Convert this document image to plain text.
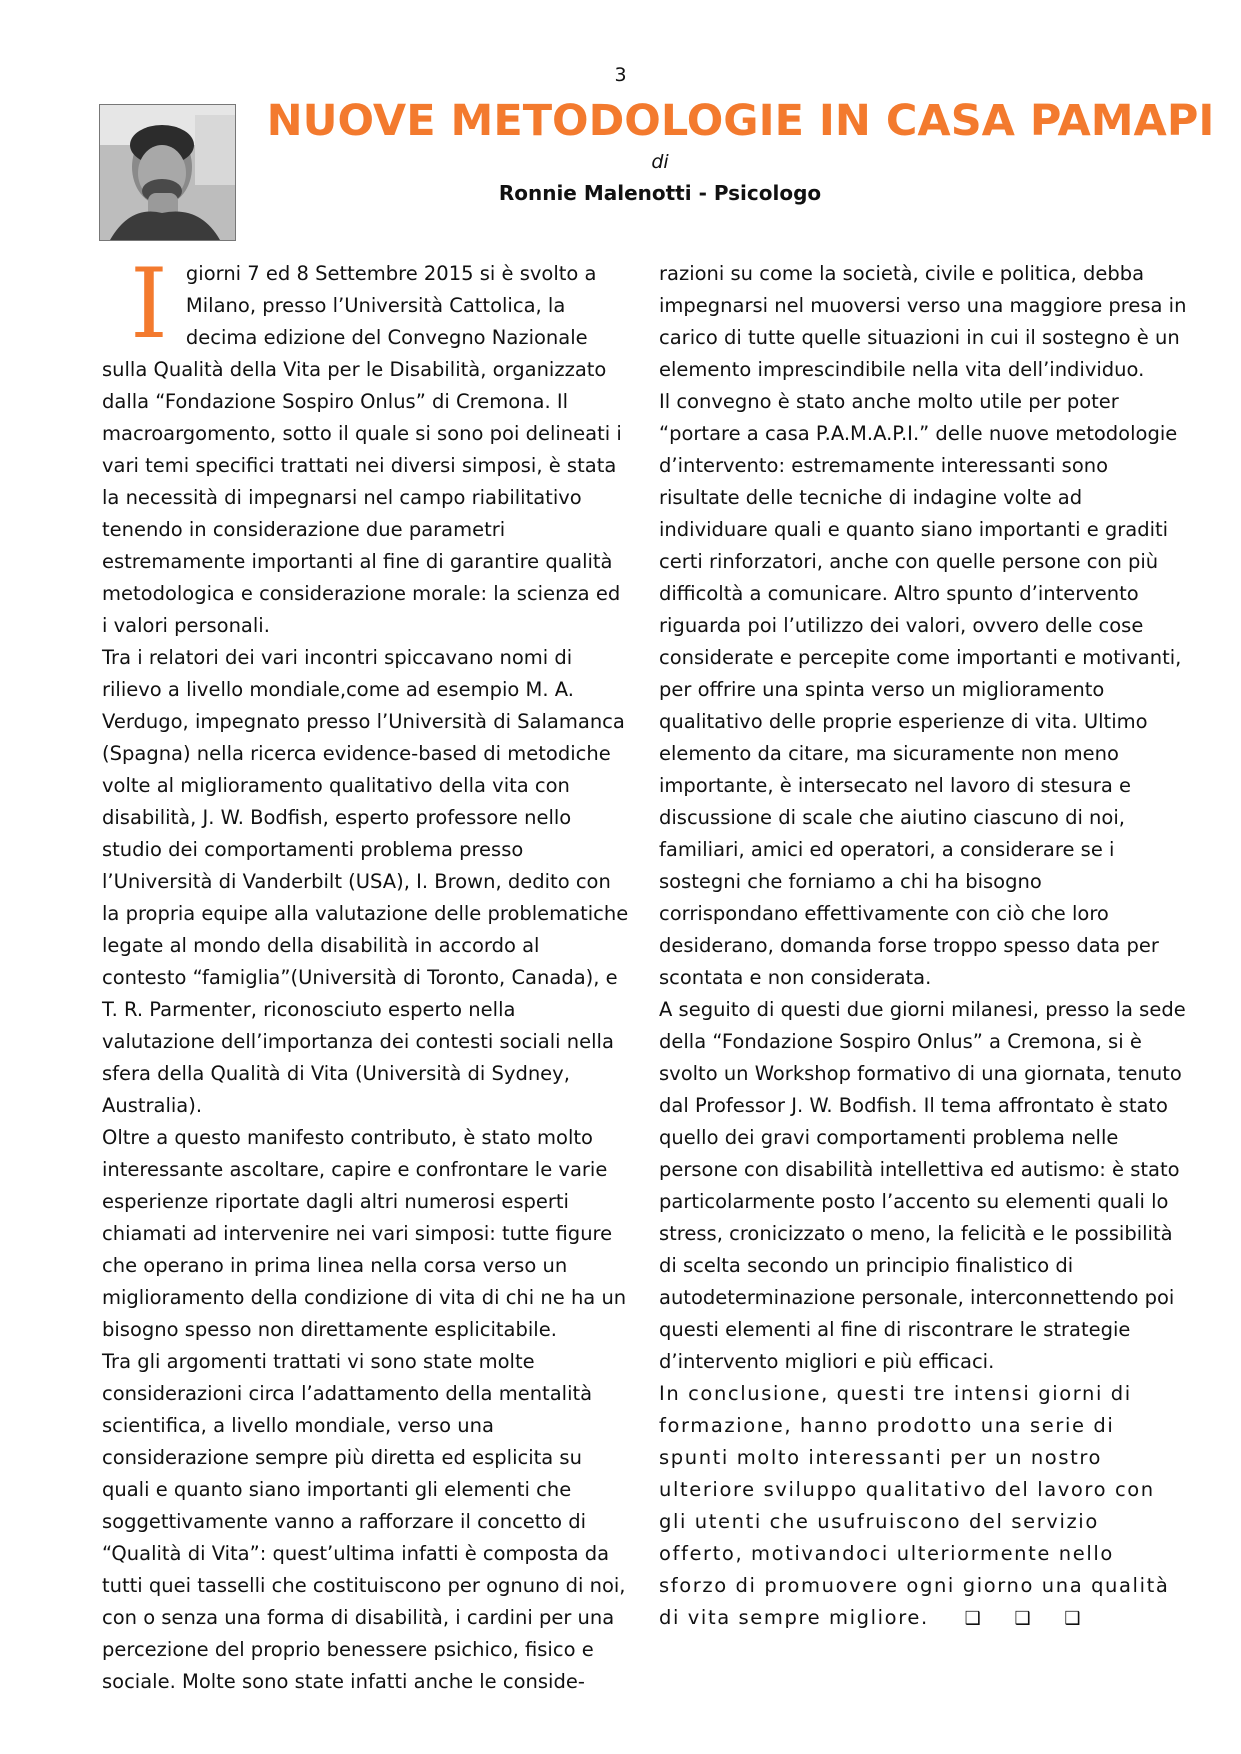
3
NUOVE METODOLOGIE IN CASA PAMAPI
di
Ronnie Malenotti - Psicologo

I giorni 7 ed 8 Settembre 2015 si è svolto a Milano, presso l’Università Cattolica, la decima edizione del Convegno Nazionale sulla Qualità della Vita per le Disabilità, organizzato dalla “Fondazione Sospiro Onlus” di Cremona. Il macroargomento, sotto il quale si sono poi delineati i vari temi specifici trattati nei diversi simposi, è stata la necessità di impegnarsi nel campo riabilitativo tenendo in considerazione due parametri estremamente importanti al fine di garantire qualità metodologica e considerazione morale: la scienza ed i valori personali.

Tra i relatori dei vari incontri spiccavano nomi di rilievo a livello mondiale,come ad esempio M. A. Verdugo, impegnato presso l’Università di Salamanca (Spagna) nella ricerca evidence-based di metodiche volte al miglioramento qualitativo della vita con disabilità, J. W. Bodfish, esperto professore nello studio dei comportamenti problema presso l’Università di Vanderbilt (USA), I. Brown, dedito con la propria equipe alla valutazione delle problematiche legate al mondo della disabilità in accordo al contesto “famiglia”(Università di Toronto, Canada), e T. R. Parmenter, riconosciuto esperto nella valutazione dell’importanza dei contesti sociali nella sfera della Qualità di Vita (Università di Sydney, Australia).

Oltre a questo manifesto contributo, è stato molto interessante ascoltare, capire e confrontare le varie esperienze riportate dagli altri numerosi esperti chiamati ad intervenire nei vari simposi: tutte figure che operano in prima linea nella corsa verso un miglioramento della condizione di vita di chi ne ha un bisogno spesso non direttamente esplicitabile.

Tra gli argomenti trattati vi sono state molte considerazioni circa l’adattamento della mentalità scientifica, a livello mondiale, verso una considerazione sempre più diretta ed esplicita su quali e quanto siano importanti gli elementi che soggettivamente vanno a rafforzare il concetto di “Qualità di Vita”: quest’ultima infatti è composta da tutti quei tasselli che costituiscono per ognuno di noi, con o senza una forma di disabilità, i cardini per una percezione del proprio benessere psichico, fisico e sociale. Molte sono state infatti anche le conside-

razioni su come la società, civile e politica, debba impegnarsi nel muoversi verso una maggiore presa in carico di tutte quelle situazioni in cui il sostegno è un elemento imprescindibile nella vita dell’individuo.

Il convegno è stato anche molto utile per poter “portare a casa P.A.M.A.P.I.” delle nuove metodologie d’intervento: estremamente interessanti sono risultate delle tecniche di indagine volte ad individuare quali e quanto siano importanti e graditi certi rinforzatori, anche con quelle persone con più difficoltà a comunicare. Altro spunto d’intervento riguarda poi l’utilizzo dei valori, ovvero delle cose considerate e percepite come importanti e motivanti, per offrire una spinta verso un miglioramento qualitativo delle proprie esperienze di vita. Ultimo elemento da citare, ma sicuramente non meno importante, è intersecato nel lavoro di stesura e discussione di scale che aiutino ciascuno di noi, familiari, amici ed operatori, a considerare se i sostegni che forniamo a chi ha bisogno corrispondano effettivamente con ciò che loro desiderano, domanda forse troppo spesso data per scontata e non considerata.

A seguito di questi due giorni milanesi, presso la sede della “Fondazione Sospiro Onlus” a Cremona, si è svolto un Workshop formativo di una giornata, tenuto dal Professor J. W. Bodfish. Il tema affrontato è stato quello dei gravi comportamenti problema nelle persone con disabilità intellettiva ed autismo: è stato particolarmente posto l’accento su elementi quali lo stress, cronicizzato o meno, la felicità e le possibilità di scelta secondo un principio finalistico di autodeterminazione personale, interconnettendo poi questi elementi al fine di riscontrare le strategie d’intervento migliori e più efficaci.

In conclusione, questi tre intensi giorni di formazione, hanno prodotto una serie di spunti molto interessanti per un nostro ulteriore sviluppo qualitativo del lavoro con gli utenti che usufruiscono del servizio offerto, motivandoci ulteriormente nello sforzo di promuovere ogni giorno una qualità di vita sempre migliore. ❑ ❑ ❑
